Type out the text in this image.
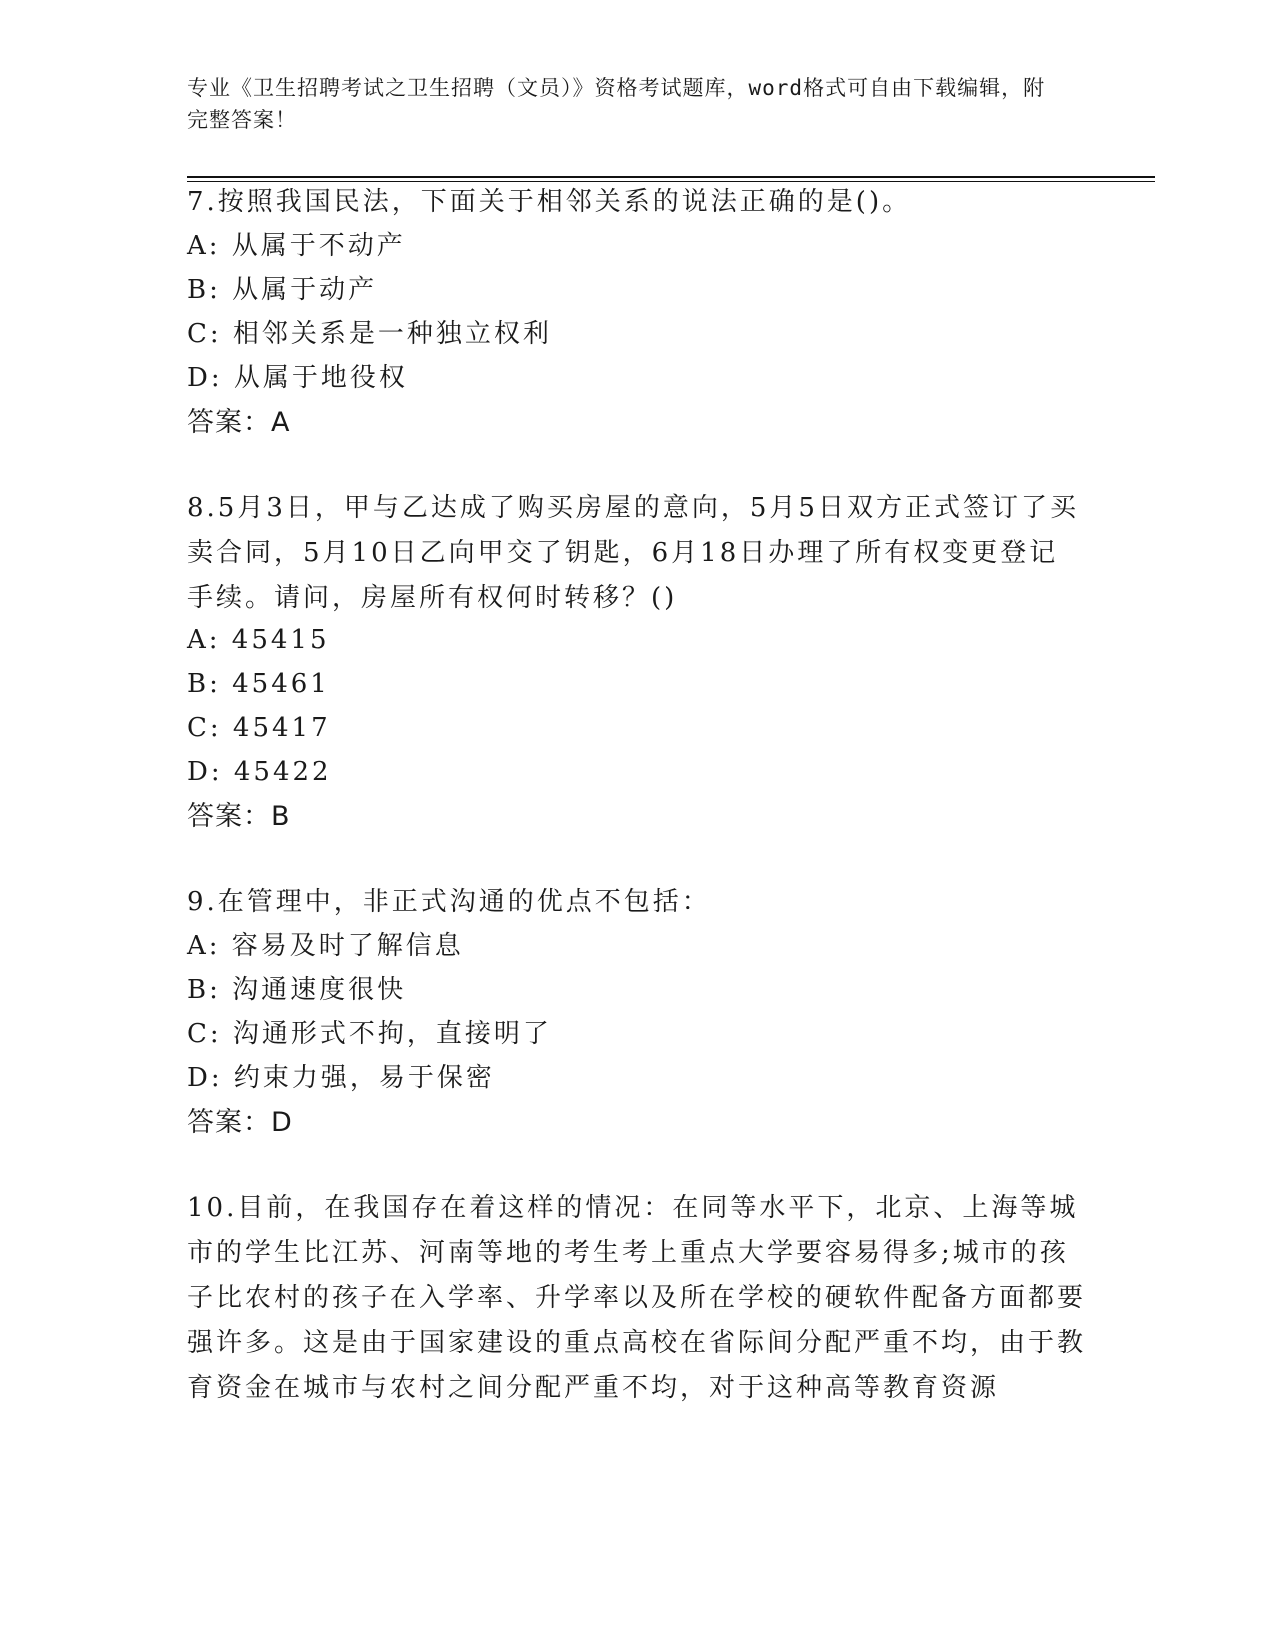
专业《卫生招聘考试之卫生招聘（文员）》资格考试题库，word格式可自由下载编辑，附完整答案！
7.按照我国民法，下面关于相邻关系的说法正确的是()。
A: 从属于不动产
B: 从属于动产
C: 相邻关系是一种独立权利
D: 从属于地役权
答案：A
8.5月3日，甲与乙达成了购买房屋的意向，5月5日双方正式签订了买卖合同，5月10日乙向甲交了钥匙，6月18日办理了所有权变更登记手续。请问，房屋所有权何时转移？()
A: 45415
B: 45461
C: 45417
D: 45422
答案：B
9.在管理中，非正式沟通的优点不包括：
A: 容易及时了解信息
B: 沟通速度很快
C: 沟通形式不拘，直接明了
D: 约束力强，易于保密
答案：D
10.目前，在我国存在着这样的情况：在同等水平下，北京、上海等城市的学生比江苏、河南等地的考生考上重点大学要容易得多;城市的孩子比农村的孩子在入学率、升学率以及所在学校的硬软件配备方面都要强许多。这是由于国家建设的重点高校在省际间分配严重不均，由于教育资金在城市与农村之间分配严重不均，对于这种高等教育资源
